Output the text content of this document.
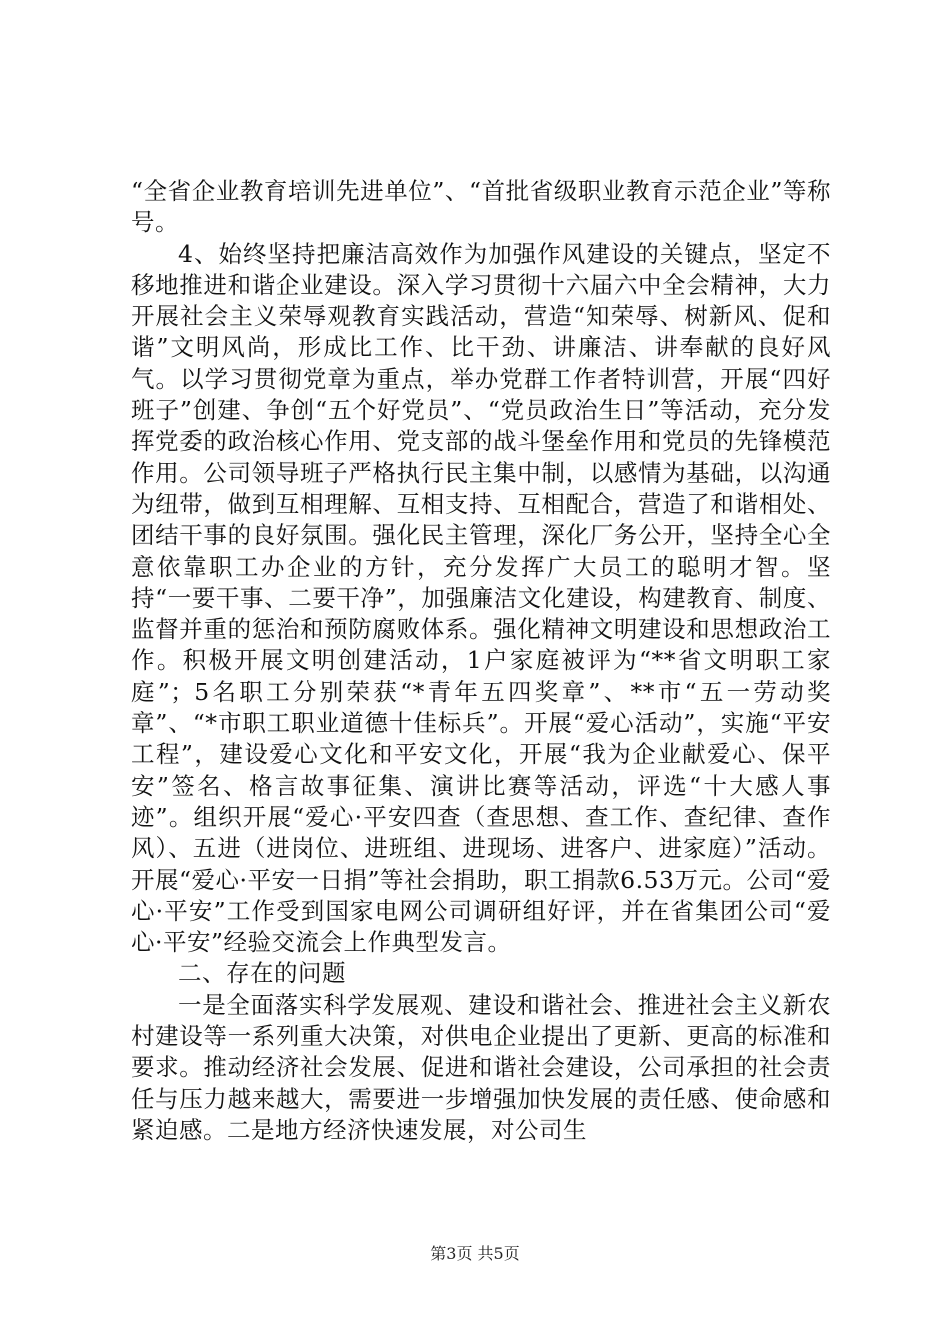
“全省企业教育培训先进单位”、“首批省级职业教育示范企业”等称号。

4、始终坚持把廉洁高效作为加强作风建设的关键点，坚定不移地推进和谐企业建设。深入学习贯彻十六届六中全会精神，大力开展社会主义荣辱观教育实践活动，营造“知荣辱、树新风、促和谐”文明风尚，形成比工作、比干劲、讲廉洁、讲奉献的良好风气。以学习贯彻党章为重点，举办党群工作者特训营，开展“四好班子”创建、争创“五个好党员”、“党员政治生日”等活动，充分发挥党委的政治核心作用、党支部的战斗堡垒作用和党员的先锋模范作用。公司领导班子严格执行民主集中制，以感情为基础，以沟通为纽带，做到互相理解、互相支持、互相配合，营造了和谐相处、团结干事的良好氛围。强化民主管理，深化厂务公开，坚持全心全意依靠职工办企业的方针，充分发挥广大员工的聪明才智。坚持“一要干事、二要干净”，加强廉洁文化建设，构建教育、制度、监督并重的惩治和预防腐败体系。强化精神文明建设和思想政治工作。积极开展文明创建活动，1户家庭被评为“**省文明职工家庭”；5名职工分别荣获“*青年五四奖章”、**市“五一劳动奖章”、“*市职工职业道德十佳标兵”。开展“爱心活动”，实施“平安工程”，建设爱心文化和平安文化，开展“我为企业献爱心、保平安”签名、格言故事征集、演讲比赛等活动，评选“十大感人事迹”。组织开展“爱心·平安四查（查思想、查工作、查纪律、查作风）、五进（进岗位、进班组、进现场、进客户、进家庭）”活动。开展“爱心·平安一日捐”等社会捐助，职工捐款6.53万元。公司“爱心·平安”工作受到国家电网公司调研组好评，并在省集团公司“爱心·平安”经验交流会上作典型发言。

二、存在的问题

一是全面落实科学发展观、建设和谐社会、推进社会主义新农村建设等一系列重大决策，对供电企业提出了更新、更高的标准和要求。推动经济社会发展、促进和谐社会建设，公司承担的社会责任与压力越来越大，需要进一步增强加快发展的责任感、使命感和紧迫感。二是地方经济快速发展，对公司生

第3页 共5页
